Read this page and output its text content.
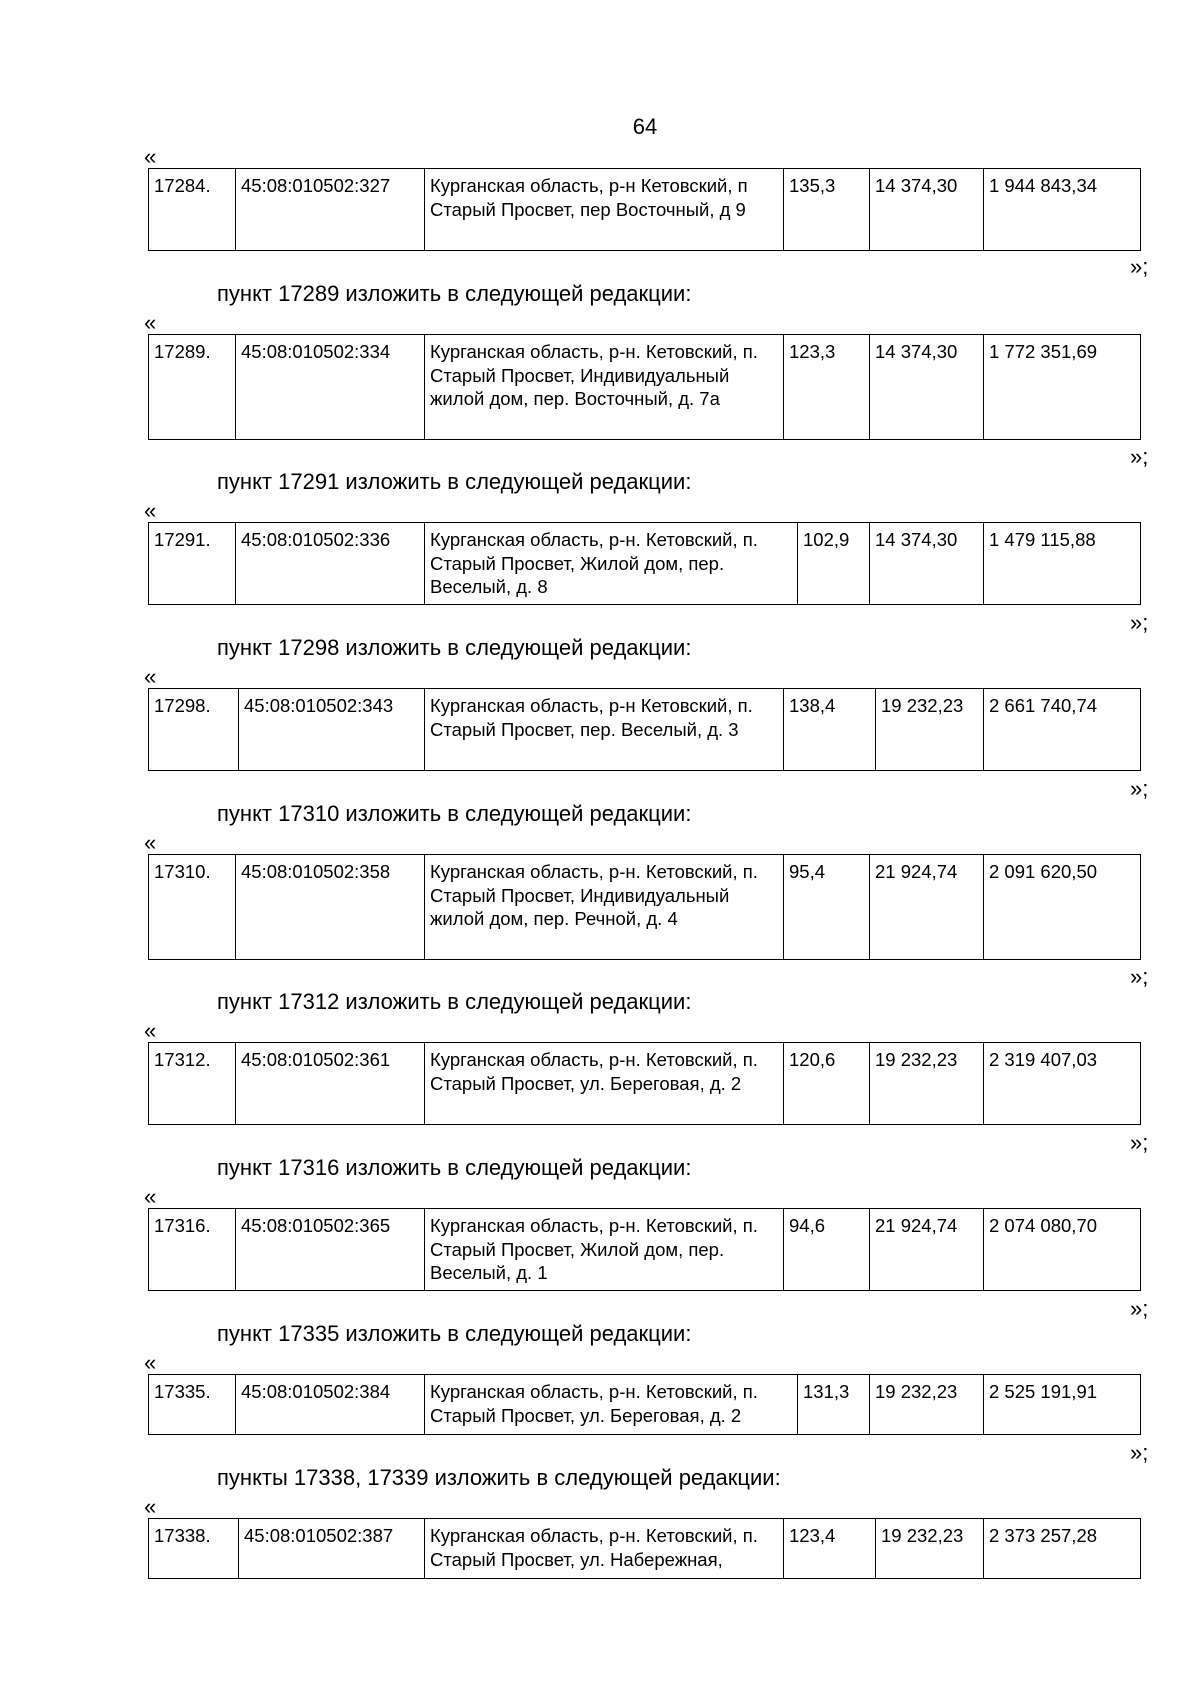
64
«
17284.	45:08:010502:327	Курганская область, р-н Кетовский, п Старый Просвет, пер Восточный, д 9	135,3	14 374,30	1 944 843,34
»;
пункт 17289 изложить в следующей редакции:
«
17289.	45:08:010502:334	Курганская область, р-н. Кетовский, п. Старый Просвет, Индивидуальный жилой дом, пер. Восточный, д. 7а	123,3	14 374,30	1 772 351,69
»;
пункт 17291 изложить в следующей редакции:
«
17291.	45:08:010502:336	Курганская область, р-н. Кетовский, п. Старый Просвет, Жилой дом, пер. Веселый, д. 8	102,9	14 374,30	1 479 115,88
»;
пункт 17298 изложить в следующей редакции:
«
17298.	45:08:010502:343	Курганская область, р-н Кетовский, п. Старый Просвет, пер. Веселый, д. 3	138,4	19 232,23	2 661 740,74
»;
пункт 17310 изложить в следующей редакции:
«
17310.	45:08:010502:358	Курганская область, р-н. Кетовский, п. Старый Просвет, Индивидуальный жилой дом, пер. Речной, д. 4	95,4	21 924,74	2 091 620,50
»;
пункт 17312 изложить в следующей редакции:
«
17312.	45:08:010502:361	Курганская область, р-н. Кетовский, п. Старый Просвет, ул. Береговая, д. 2	120,6	19 232,23	2 319 407,03
»;
пункт 17316 изложить в следующей редакции:
«
17316.	45:08:010502:365	Курганская область, р-н. Кетовский, п. Старый Просвет, Жилой дом, пер. Веселый, д. 1	94,6	21 924,74	2 074 080,70
»;
пункт 17335 изложить в следующей редакции:
«
17335.	45:08:010502:384	Курганская область, р-н. Кетовский, п. Старый Просвет, ул. Береговая, д. 2	131,3	19 232,23	2 525 191,91
»;
пункты 17338, 17339 изложить в следующей редакции:
«
17338.	45:08:010502:387	Курганская область, р-н. Кетовский, п. Старый Просвет, ул. Набережная,	123,4	19 232,23	2 373 257,28
